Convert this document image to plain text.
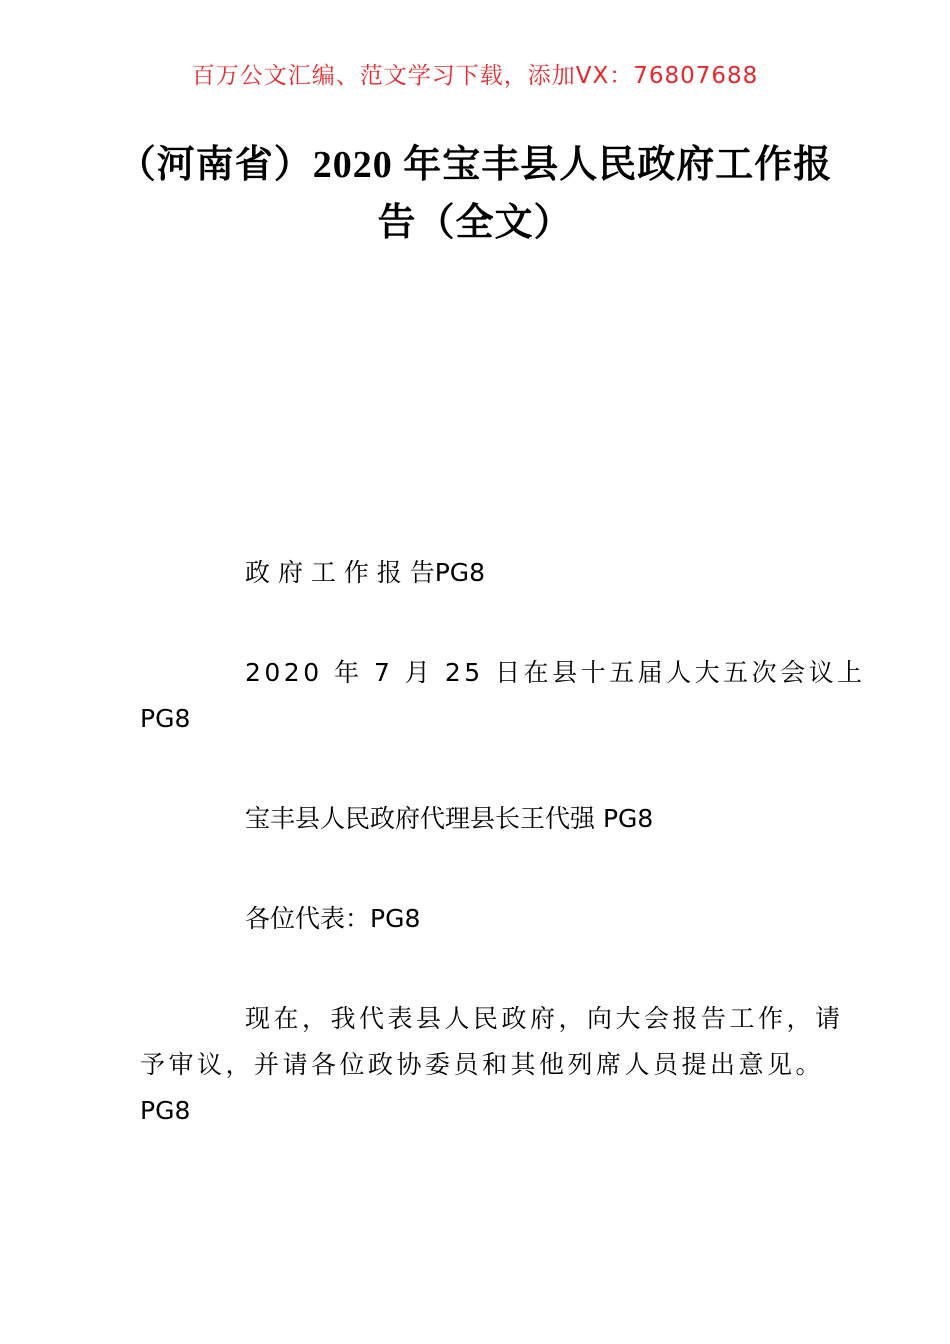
百万公文汇编、范文学习下载，添加VX：76807688
（河南省）2020 年宝丰县人民政府工作报
告（全文）
政 府 工 作 报 告PG8
2020 年 7 月 25 日在县十五届人大五次会议上
PG8
宝丰县人民政府代理县长王代强 PG8
各位代表：PG8
现在，我代表县人民政府，向大会报告工作，请
予审议，并请各位政协委员和其他列席人员提出意见。
PG8
